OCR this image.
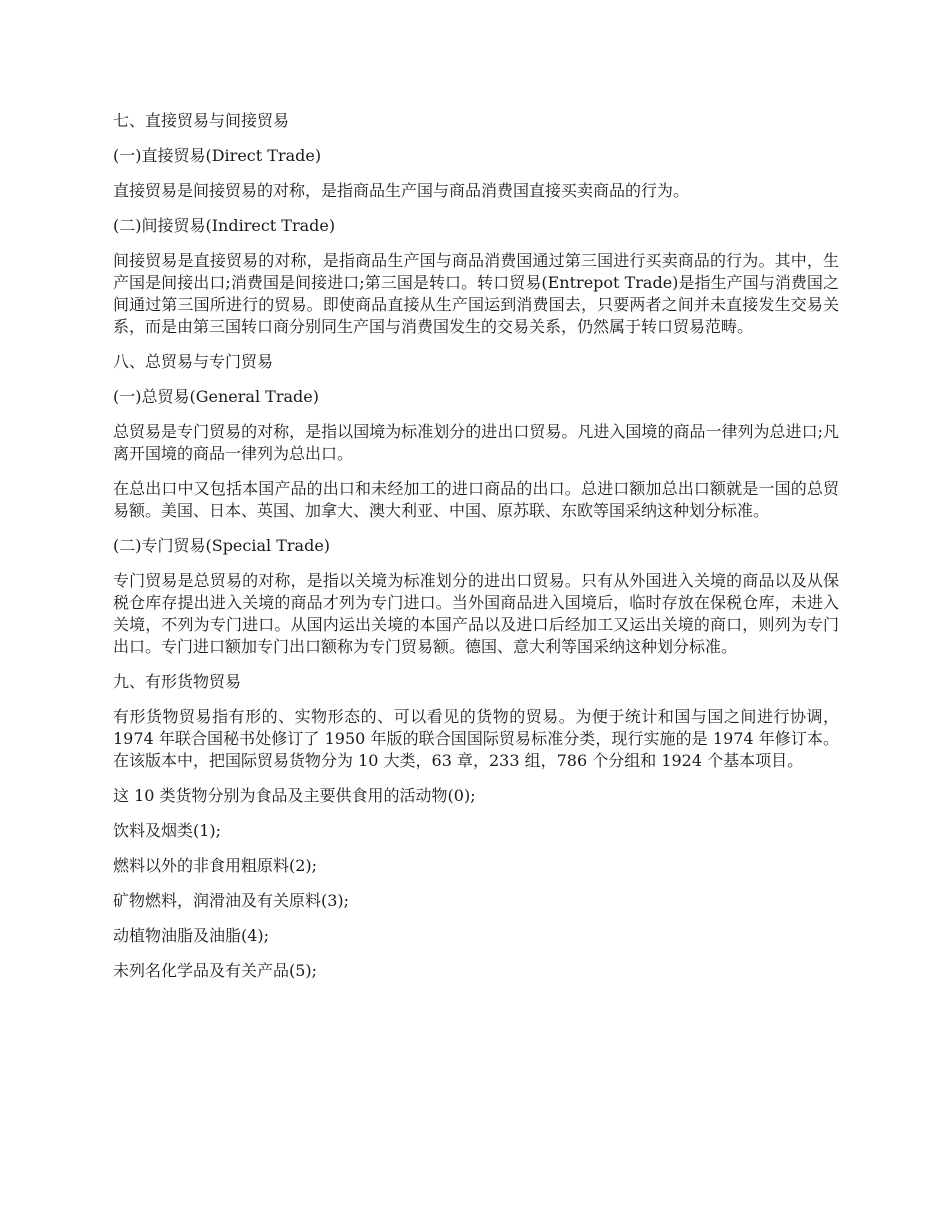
七、直接贸易与间接贸易

(一)直接贸易(Direct Trade)

直接贸易是间接贸易的对称，是指商品生产国与商品消费国直接买卖商品的行为。

(二)间接贸易(Indirect Trade)

间接贸易是直接贸易的对称，是指商品生产国与商品消费国通过第三国进行买卖商品的行为。其中，生产国是间接出口;消费国是间接进口;第三国是转口。转口贸易(Entrepot Trade)是指生产国与消费国之间通过第三国所进行的贸易。即使商品直接从生产国运到消费国去，只要两者之间并未直接发生交易关系，而是由第三国转口商分别同生产国与消费国发生的交易关系，仍然属于转口贸易范畴。

八、总贸易与专门贸易

(一)总贸易(General Trade)

总贸易是专门贸易的对称，是指以国境为标准划分的进出口贸易。凡进入国境的商品一律列为总进口;凡离开国境的商品一律列为总出口。

在总出口中又包括本国产品的出口和未经加工的进口商品的出口。总进口额加总出口额就是一国的总贸易额。美国、日本、英国、加拿大、澳大利亚、中国、原苏联、东欧等国采纳这种划分标准。

(二)专门贸易(Special Trade)

专门贸易是总贸易的对称，是指以关境为标准划分的进出口贸易。只有从外国进入关境的商品以及从保税仓库存提出进入关境的商品才列为专门进口。当外国商品进入国境后，临时存放在保税仓库，未进入关境，不列为专门进口。从国内运出关境的本国产品以及进口后经加工又运出关境的商口，则列为专门出口。专门进口额加专门出口额称为专门贸易额。德国、意大利等国采纳这种划分标准。

九、有形货物贸易

有形货物贸易指有形的、实物形态的、可以看见的货物的贸易。为便于统计和国与国之间进行协调，1974 年联合国秘书处修订了 1950 年版的联合国国际贸易标准分类，现行实施的是 1974 年修订本。在该版本中，把国际贸易货物分为 10 大类，63 章，233 组，786 个分组和 1924 个基本项目。

这 10 类货物分别为食品及主要供食用的活动物(0);

饮料及烟类(1);

燃料以外的非食用粗原料(2);

矿物燃料，润滑油及有关原料(3);

动植物油脂及油脂(4);

未列名化学品及有关产品(5);
